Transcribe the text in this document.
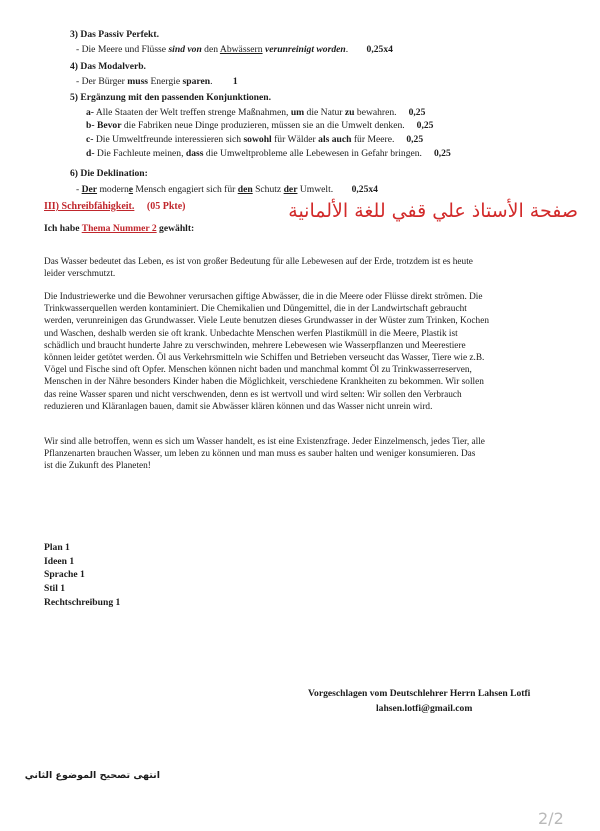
3) Das Passiv Perfekt.
- Die Meere und Flüsse sind von den Abwässern verunreinigt worden. 0,25x4
4) Das Modalverb.
- Der Bürger muss Energie sparen. 1
5) Ergänzung mit den passenden Konjunktionen.
a- Alle Staaten der Welt treffen strenge Maßnahmen, um die Natur zu bewahren. 0,25
b- Bevor die Fabriken neue Dinge produzieren, müssen sie an die Umwelt denken. 0,25
c- Die Umweltfreunde interessieren sich sowohl für Wälder als auch für Meere. 0,25
d- Die Fachleute meinen, dass die Umweltprobleme alle Lebewesen in Gefahr bringen. 0,25
6) Die Deklination:
- Der moderne Mensch engagiert sich für den Schutz der Umwelt. 0,25x4
III) Schreibfähigkeit. (05 Pkte)
Ich habe Thema Nummer 2 gewählt:
صفحة الأستاذ علي قفي للغة الألمانية
Das Wasser bedeutet das Leben, es ist von großer Bedeutung für alle Lebewesen auf der Erde, trotzdem ist es heute
leider verschmutzt.
Die Industriewerke und die Bewohner verursachen giftige Abwässer, die in die Meere oder Flüsse direkt strömen. Die
Trinkwasserquellen werden kontaminiert. Die Chemikalien und Düngemittel, die in der Landwirtschaft gebraucht
werden, verunreinigen das Grundwasser. Viele Leute benutzen dieses Grundwasser in der Wüster zum Trinken, Kochen
und Waschen, deshalb werden sie oft krank. Unbedachte Menschen werfen Plastikmüll in die Meere, Plastik ist
schädlich und braucht hunderte Jahre zu verschwinden, mehrere Lebewesen wie Wasserpflanzen und Meerestiere
können leider getötet werden. Öl aus Verkehrsmitteln wie Schiffen und Betrieben verseucht das Wasser, Tiere wie z.B.
Vögel und Fische sind oft Opfer. Menschen können nicht baden und manchmal kommt Öl zu Trinkwasserreserven,
Menschen in der Nähre besonders Kinder haben die Möglichkeit, verschiedene Krankheiten zu bekommen. Wir sollen
das reine Wasser sparen und nicht verschwenden, denn es ist wertvoll und wird selten: Wir sollen den Verbrauch
reduzieren und Kläranlagen bauen, damit sie Abwässer klären können und das Wasser nicht unrein wird.
Wir sind alle betroffen, wenn es sich um Wasser handelt, es ist eine Existenzfrage. Jeder Einzelmensch, jedes Tier, alle
Pflanzenarten brauchen Wasser, um leben zu können und man muss es sauber halten und weniger konsumieren. Das
ist die Zukunft des Planeten!
Plan 1
Ideen 1
Sprache 1
Stil 1
Rechtschreibung 1
Vorgeschlagen vom Deutschlehrer Herrn Lahsen Lotfi
lahsen.lotfi@gmail.com
انتهى تصحيح الموضوع الثاني
2/2
